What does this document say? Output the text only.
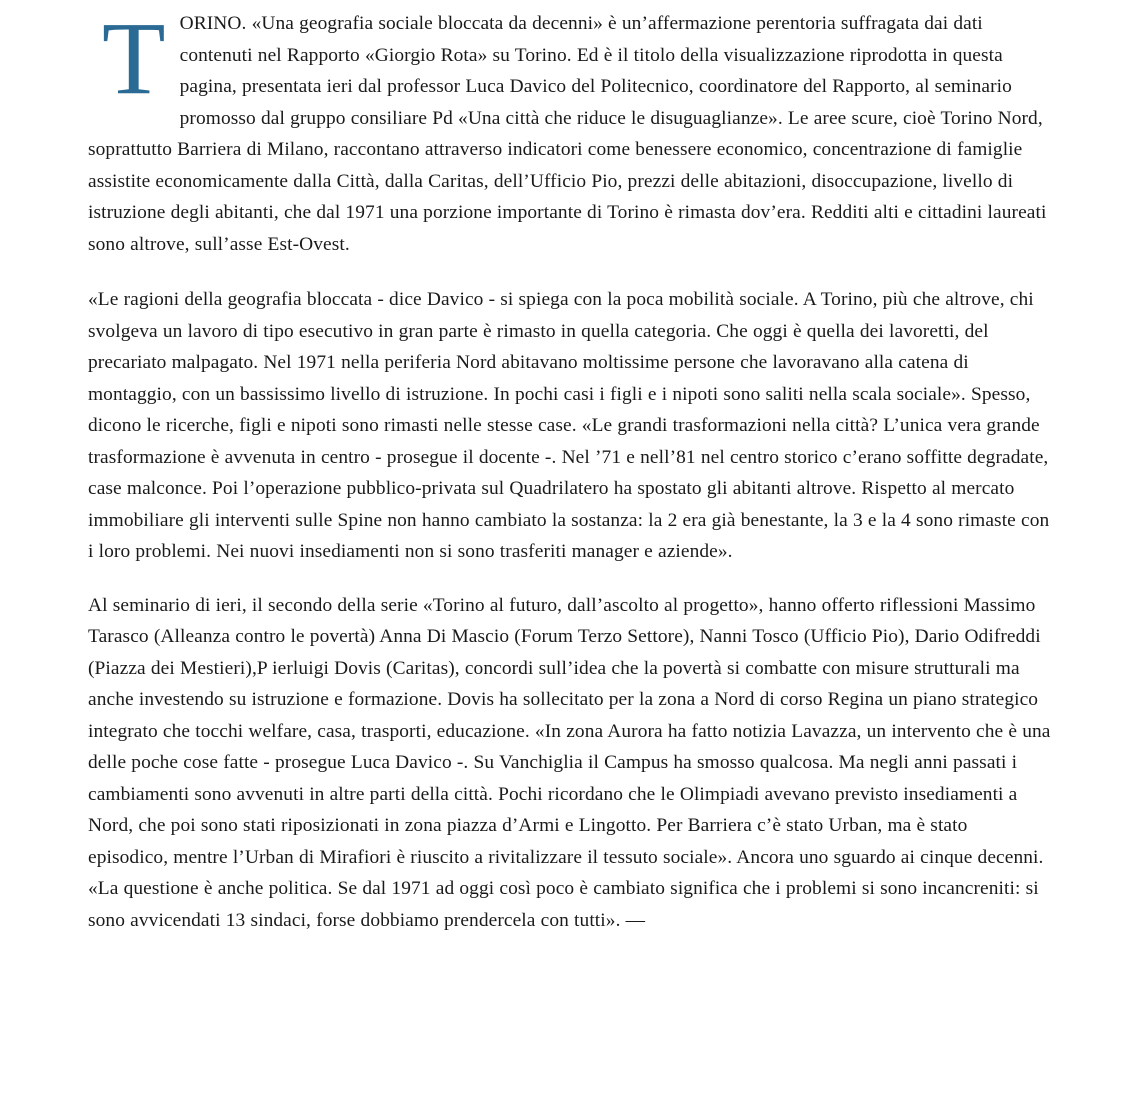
TORINO. «Una geografia sociale bloccata da decenni» è un’affermazione perentoria suffragata dai dati contenuti nel Rapporto «Giorgio Rota» su Torino. Ed è il titolo della visualizzazione riprodotta in questa pagina, presentata ieri dal professor Luca Davico del Politecnico, coordinatore del Rapporto, al seminario promosso dal gruppo consiliare Pd «Una città che riduce le disuguaglianze». Le aree scure, cioè Torino Nord, soprattutto Barriera di Milano, raccontano attraverso indicatori come benessere economico, concentrazione di famiglie assistite economicamente dalla Città, dalla Caritas, dell’Ufficio Pio, prezzi delle abitazioni, disoccupazione, livello di istruzione degli abitanti, che dal 1971 una porzione importante di Torino è rimasta dov’era. Redditi alti e cittadini laureati sono altrove, sull’asse Est-Ovest.

«Le ragioni della geografia bloccata - dice Davico - si spiega con la poca mobilità sociale. A Torino, più che altrove, chi svolgeva un lavoro di tipo esecutivo in gran parte è rimasto in quella categoria. Che oggi è quella dei lavoretti, del precariato malpagato. Nel 1971 nella periferia Nord abitavano moltissime persone che lavoravano alla catena di montaggio, con un bassissimo livello di istruzione. In pochi casi i figli e i nipoti sono saliti nella scala sociale». Spesso, dicono le ricerche, figli e nipoti sono rimasti nelle stesse case. «Le grandi trasformazioni nella città? L’unica vera grande trasformazione è avvenuta in centro - prosegue il docente -. Nel ’71 e nell’81 nel centro storico c’erano soffitte degradate, case malconce. Poi l’operazione pubblico-privata sul Quadrilatero ha spostato gli abitanti altrove. Rispetto al mercato immobiliare gli interventi sulle Spine non hanno cambiato la sostanza: la 2 era già benestante, la 3 e la 4 sono rimaste con i loro problemi. Nei nuovi insediamenti non si sono trasferiti manager e aziende».

Al seminario di ieri, il secondo della serie «Torino al futuro, dall’ascolto al progetto», hanno offerto riflessioni Massimo Tarasco (Alleanza contro le povertà) Anna Di Mascio (Forum Terzo Settore), Nanni Tosco (Ufficio Pio), Dario Odifreddi (Piazza dei Mestieri),P ierluigi Dovis (Caritas), concordi sull’idea che la povertà si combatte con misure strutturali ma anche investendo su istruzione e formazione. Dovis ha sollecitato per la zona a Nord di corso Regina un piano strategico integrato che tocchi welfare, casa, trasporti, educazione. «In zona Aurora ha fatto notizia Lavazza, un intervento che è una delle poche cose fatte - prosegue Luca Davico -. Su Vanchiglia il Campus ha smosso qualcosa. Ma negli anni passati i cambiamenti sono avvenuti in altre parti della città. Pochi ricordano che le Olimpiadi avevano previsto insediamenti a Nord, che poi sono stati riposizionati in zona piazza d’Armi e Lingotto. Per Barriera c’è stato Urban, ma è stato episodico, mentre l’Urban di Mirafiori è riuscito a rivitalizzare il tessuto sociale». Ancora uno sguardo ai cinque decenni. «La questione è anche politica. Se dal 1971 ad oggi così poco è cambiato significa che i problemi si sono incancreniti: si sono avvicendati 13 sindaci, forse dobbiamo prendercela con tutti». —
